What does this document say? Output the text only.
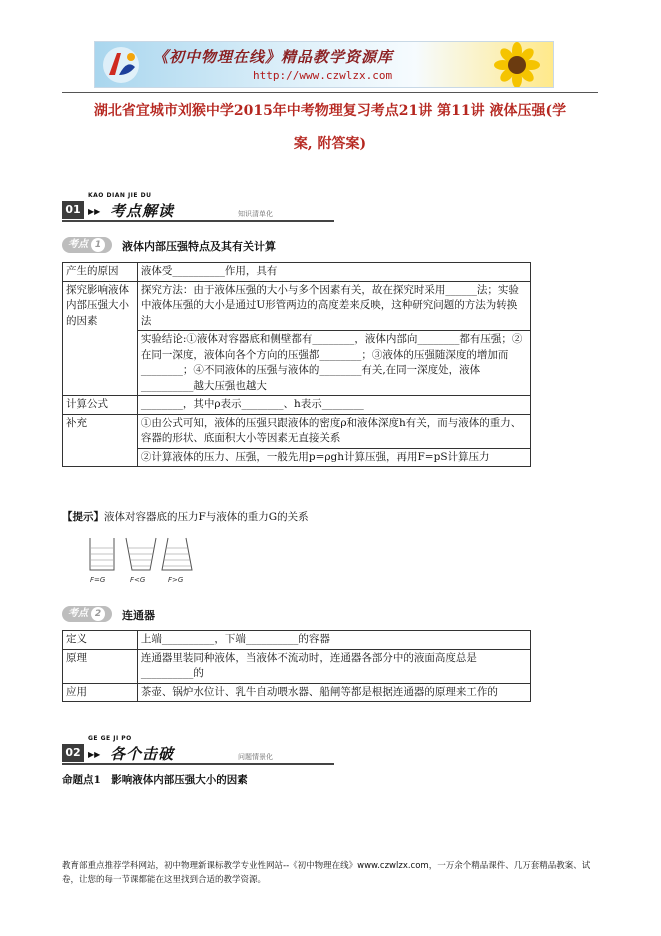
《初中物理在线》精品教学资源库
http://www.czwlzx.com
湖北省宜城市刘猴中学2015年中考物理复习考点21讲 第11讲 液体压强(学
案, 附答案)
01
KAO DIAN JIE DU
▶▶ 考点解读	知识清单化
考点 1	液体内部压强特点及其有关计算
产生的原因	液体受__________作用，具有
探究影响液体内部压强大小的因素	探究方法：由于液体压强的大小与多个因素有关，故在探究时采用______法；实验中液体压强的大小是通过U形管两边的高度差来反映，这种研究问题的方法为转换法
	实验结论:①液体对容器底和侧壁都有________，液体内部向________都有压强；②在同一深度，液体向各个方向的压强都________；③液体的压强随深度的增加而________；④不同液体的压强与液体的________有关,在同一深度处，液体__________越大压强也越大
计算公式	________，其中ρ表示________、h表示________
补充	①由公式可知，液体的压强只跟液体的密度ρ和液体深度h有关，而与液体的重力、容器的形状、底面积大小等因素无直接关系
	②计算液体的压力、压强，一般先用p=ρgh计算压强，再用F=pS计算压力
【提示】液体对容器底的压力F与液体的重力G的关系
F=G	F<G	F>G
考点 2	连通器
定义	上端__________，下端__________的容器
原理	连通器里装同种液体，当液体不流动时，连通器各部分中的液面高度总是__________的
应用	茶壶、锅炉水位计、乳牛自动喂水器、船闸等都是根据连通器的原理来工作的
02
GE GE JI PO
▶▶ 各个击破	问题情景化
命题点1　影响液体内部压强大小的因素
教育部重点推荐学科网站，初中物理新课标教学专业性网站--《初中物理在线》www.czwlzx.com，一万余个精品课件、几万套精品教案、试卷，让您的每一节课都能在这里找到合适的教学资源。
